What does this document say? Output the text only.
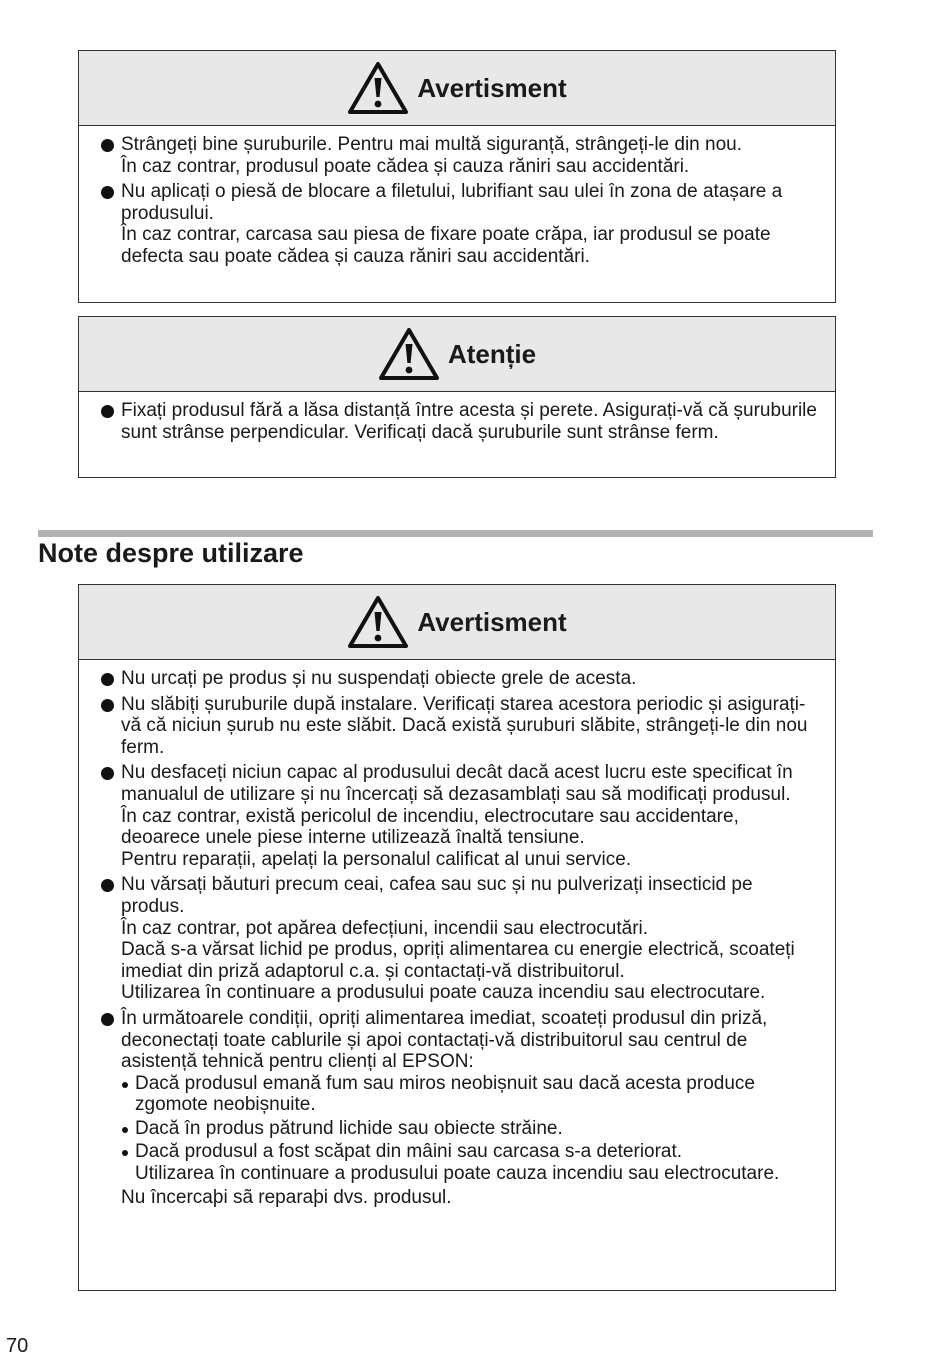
Avertisment

Strângeți bine șuruburile. Pentru mai multă siguranță, strângeți-le din nou.

În caz contrar, produsul poate cădea și cauza răniri sau accidentări.

Nu aplicați o piesă de blocare a filetului, lubrifiant sau ulei în zona de atașare a produsului.

În caz contrar, carcasa sau piesa de fixare poate crăpa, iar produsul se poate defecta sau poate cădea și cauza răniri sau accidentări.

Atenție

Fixați produsul fără a lăsa distanță între acesta și perete. Asigurați-vă că șuruburile sunt strânse perpendicular. Verificați dacă șuruburile sunt strânse ferm.

Note despre utilizare
Avertisment

Nu urcați pe produs și nu suspendați obiecte grele de acesta.

Nu slăbiți șuruburile după instalare. Verificați starea acestora periodic și asigurați-vă că niciun șurub nu este slăbit. Dacă există șuruburi slăbite, strângeți-le din nou ferm.

Nu desfaceți niciun capac al produsului decât dacă acest lucru este specificat în manualul de utilizare și nu încercați să dezasamblați sau să modificați produsul.

În caz contrar, există pericolul de incendiu, electrocutare sau accidentare, deoarece unele piese interne utilizează înaltă tensiune.

Pentru reparații, apelați la personalul calificat al unui service.

Nu vărsați băuturi precum ceai, cafea sau suc și nu pulverizați insecticid pe produs.

În caz contrar, pot apărea defecțiuni, incendii sau electrocutări.

Dacă s-a vărsat lichid pe produs, opriți alimentarea cu energie electrică, scoateți imediat din priză adaptorul c.a. și contactați-vă distribuitorul.

Utilizarea în continuare a produsului poate cauza incendiu sau electrocutare.

În următoarele condiții, opriți alimentarea imediat, scoateți produsul din priză, deconectați toate cablurile și apoi contactați-vă distribuitorul sau centrul de asistență tehnică pentru clienți al EPSON:

Dacă produsul emană fum sau miros neobișnuit sau dacă acesta produce zgomote neobișnuite.

Dacă în produs pătrund lichide sau obiecte străine.

Dacă produsul a fost scăpat din mâini sau carcasa s-a deteriorat.

Utilizarea în continuare a produsului poate cauza incendiu sau electrocutare.

Nu încercaþi sã reparaþi dvs. produsul.

70
